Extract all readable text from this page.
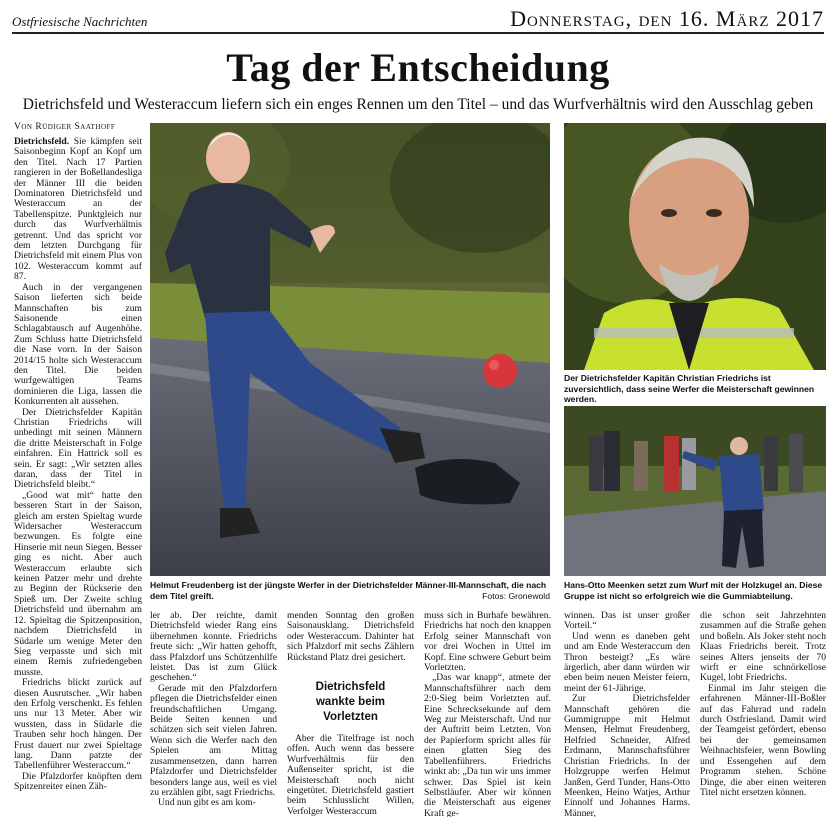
Ostfriesische Nachrichten	Donnerstag, den 16. März 2017
Tag der Entscheidung
Dietrichsfeld und Westeraccum liefern sich ein enges Rennen um den Titel – und das Wurfverhältnis wird den Ausschlag geben
Von Rüdiger Saathoff

Dietrichsfeld. Sie kämpfen seit Saisonbeginn Kopf an Kopf um den Titel. Nach 17 Partien rangieren in der Boßellandesliga der Männer III die beiden Dominatoren Dietrichsfeld und Westeraccum an der Tabellenspitze. Punktgleich nur durch das Wurfverhältnis getrennt. Und das spricht vor dem letzten Durchgang für Dietrichsfeld mit einem Plus von 102. Westeraccum kommt auf 87.

Auch in der vergangenen Saison lieferten sich beide Mannschaften bis zum Saisonende einen Schlagabtausch auf Augenhöhe. Zum Schluss hatte Dietrichsfeld die Nase vorn. In der Saison 2014/15 holte sich Westeraccum den Titel. Die beiden wurfgewaltigen Teams dominieren die Liga, lassen die Konkurrenten alt aussehen.

Der Dietrichsfelder Kapitän Christian Friedrichs will unbedingt mit seinen Männern die dritte Meisterschaft in Folge einfahren. Ein Hattrick soll es sein. Er sagt: „Wir setzten alles daran, dass der Titel in Dietrichsfeld bleibt.“

„Good wat mit“ hatte den besseren Start in der Saison, gleich am ersten Spieltag wurde Widersacher Westeraccum bezwungen. Es folgte eine Hinserie mit neun Siegen. Besser ging es nicht. Aber auch Westeraccum erlaubte sich keinen Patzer mehr und drehte zu Beginn der Rückserie den Spieß um. Der Zweite schlug Dietrichsfeld und übernahm am 12. Spieltag die Spitzenposition, nachdem Dietrichsfeld in Südarle um wenige Meter den Sieg verpasste und sich mit einem Remis zufriedengeben musste.

Friedrichs blickt zurück auf diesen Ausrutscher. „Wir haben den Erfolg verschenkt. Es fehlen uns nur 13 Meter. Aber wir wussten, dass in Südarle die Trauben sehr hoch hängen. Der Frust dauert nur zwei Spieltage lang. Dann patzte der Tabellenführer Westeraccum.“

Die Pfalzdorfer knöpften dem Spitzenreiter einen Zäh-

Helmut Freudenberg ist der jüngste Werfer in der Dietrichsfelder Männer-III-Mannschaft, die nach dem Titel greift.	Fotos: Gronewold
Der Dietrichsfelder Kapitän Christian Friedrichs ist zuversichtlich, dass seine Werfer die Meisterschaft gewinnen werden.
Hans-Otto Meenken setzt zum Wurf mit der Holzkugel an. Diese Gruppe ist nicht so erfolgreich wie die Gummiabteilung.

ler ab. Der reichte, damit Dietrichsfeld wieder Rang eins übernehmen konnte. Friedrichs freute sich: „Wir hatten gehofft, dass Pfalzdorf uns Schützenhilfe leistet. Das ist zum Glück geschehen.“

Gerade mit den Pfalzdorfern pflegen die Dietrichsfelder einen freundschaftlichen Umgang. Beide Seiten kennen und schätzen sich seit vielen Jahren. Wenn sich die Werfer nach den Spielen am Mittag zusammensetzen, dann harren Pfalzdorfer und Dietrichsfelder besonders lange aus, weil es viel zu erzählen gibt, sagt Friedrichs.

Und nun gibt es am kom-

menden Sonntag den großen Saisonausklang. Dietrichsfeld oder Westeraccum. Dahinter hat sich Pfalzdorf mit sechs Zählern Rückstand Platz drei gesichert.

Dietrichsfeld
wankte beim
Vorletzten

Aber die Titelfrage ist noch offen. Auch wenn das bessere Wurfverhältnis für den Außenseiter spricht, ist die Meisterschaft noch nicht eingetütet. Dietrichsfeld gastiert beim Schlusslicht Willen, Verfolger Westeraccum

muss sich in Burhafe bewähren. Friedrichs hat noch den knappen Erfolg seiner Mannschaft von vor drei Wochen in Uttel im Kopf. Eine schwere Geburt beim Vorletzten.

„Das war knapp“, atmete der Mannschaftsführer nach dem 2:0-Sieg beim Vorletzten auf. Eine Schrecksekunde auf dem Weg zur Meisterschaft. Und nur der Auftritt beim Letzten. Von der Papierform spricht alles für einen glatten Sieg des Tabellenführers. Friedrichs winkt ab: „Da tun wir uns immer schwer. Das Spiel ist kein Selbstläufer. Aber wir können die Meisterschaft aus eigener Kraft ge-

winnen. Das ist unser großer Vorteil.“

Und wenn es daneben geht und am Ende Westeraccum den Thron besteigt? „Es wäre ärgerlich, aber dann würden wir eben beim neuen Meister feiern, meint der 61-Jährige.

Zur Dietrichsfelder Mannschaft gehören die Gummigruppe mit Helmut Mensen, Helmut Freudenberg, Helfried Schneider, Alfred Erdmann, Mannschaftsführer Christian Friedrichs. In der Holzgruppe werfen Helmut Janßen, Gerd Tunder, Hans-Otto Meenken, Heino Watjes, Arthur Einnolf und Johannes Harms. Männer,

die schon seit Jahrzehnten zusammen auf die Straße gehen und boßeln. Als Joker steht noch Klaas Friedrichs bereit. Trotz seines Alters jenseits der 70 wirft er eine schnörkellose Kugel, lobt Friedrichs.

Einmal im Jahr steigen die erfahrenen Männer-III-Boßler auf das Fahrrad und radeln durch Ostfriesland. Damit wird der Teamgeist gefördert, ebenso bei der gemeinsamen Weihnachtsfeier, wenn Bowling und Essengehen auf dem Programm stehen. Schöne Dinge, die aber einen weiteren Titel nicht ersetzen können.
